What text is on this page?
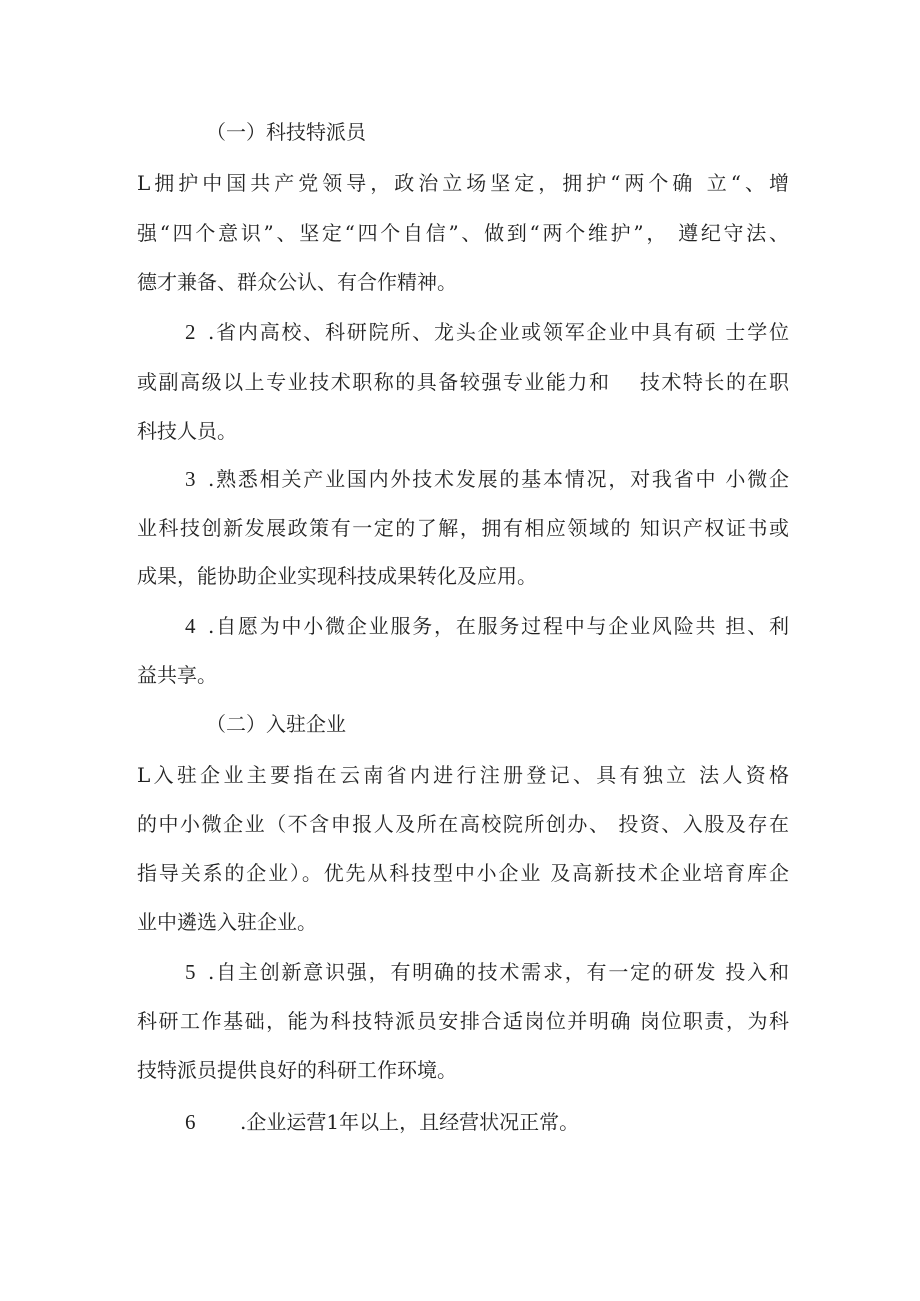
（一）科技特派员

L拥护中国共产党领导，政治立场坚定，拥护“两个确 立“、增

强“四个意识”、坚定“四个自信”、做到“两个维护”， 遵纪守法、

德才兼备、群众公认、有合作精神。

2 .省内高校、科研院所、龙头企业或领军企业中具有硕 士学位

或副高级以上专业技术职称的具备较强专业能力和　 技术特长的在职

科技人员。

3 .熟悉相关产业国内外技术发展的基本情况，对我省中 小微企

业科技创新发展政策有一定的了解，拥有相应领域的 知识产权证书或

成果，能协助企业实现科技成果转化及应用。

4 .自愿为中小微企业服务，在服务过程中与企业风险共 担、利

益共享。

（二）入驻企业

L入驻企业主要指在云南省内进行注册登记、具有独立 法人资格

的中小微企业（不含申报人及所在高校院所创办、 投资、入股及存在

指导关系的企业）。优先从科技型中小企业 及高新技术企业培育库企

业中遴选入驻企业。

5 .自主创新意识强，有明确的技术需求，有一定的研发 投入和

科研工作基础，能为科技特派员安排合适岗位并明确 岗位职责，为科

技特派员提供良好的科研工作环境。

6 .企业运营1年以上，且经营状况正常。
